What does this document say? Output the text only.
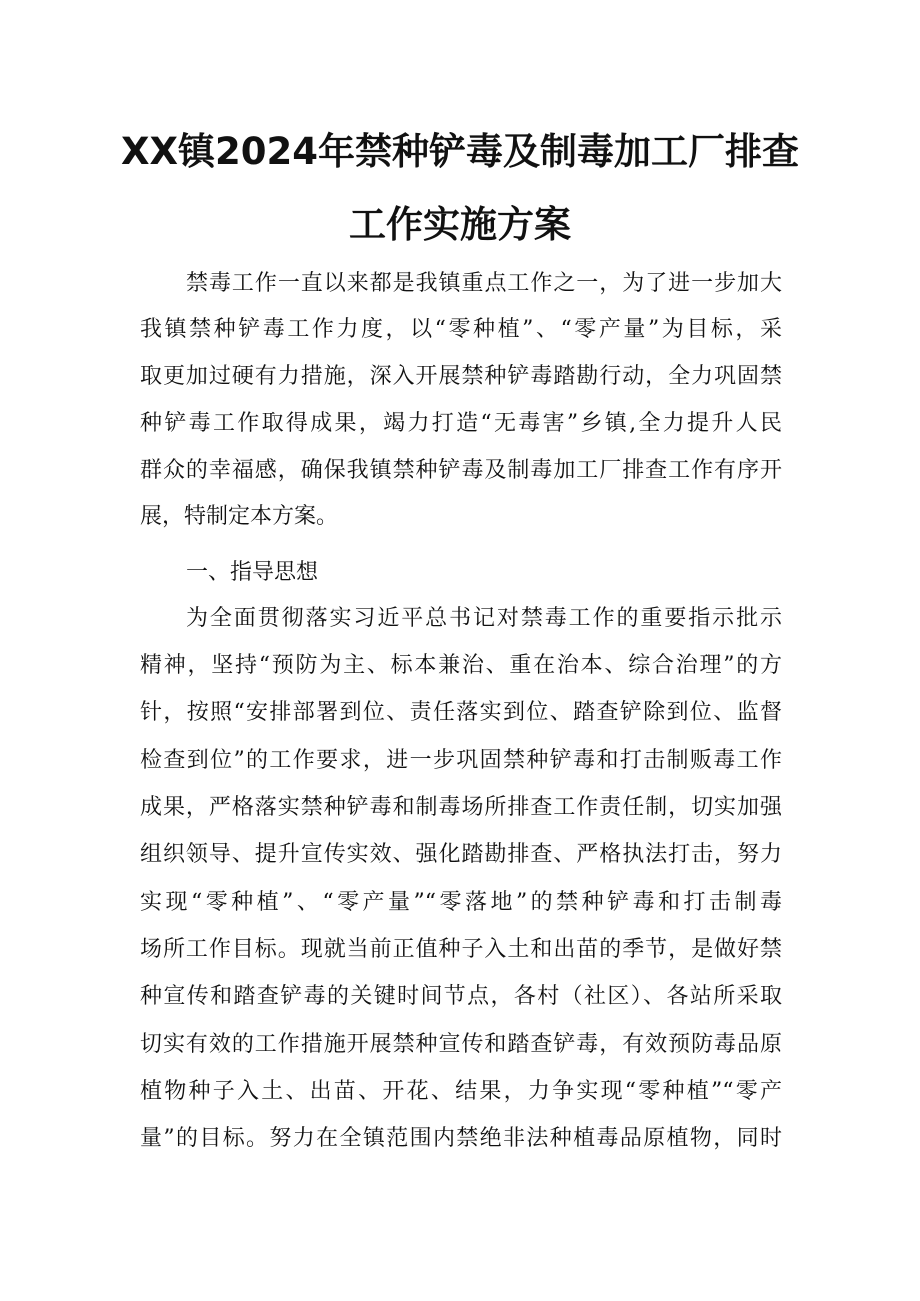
XX镇2024年禁种铲毒及制毒加工厂排查
工作实施方案
禁毒工作一直以来都是我镇重点工作之一，为了进一步加大
我镇禁种铲毒工作力度，以“零种植”、“零产量”为目标，采
取更加过硬有力措施，深入开展禁种铲毒踏勘行动，全力巩固禁
种铲毒工作取得成果，竭力打造“无毒害”乡镇,全力提升人民
群众的幸福感，确保我镇禁种铲毒及制毒加工厂排查工作有序开
展，特制定本方案。
一、指导思想
为全面贯彻落实习近平总书记对禁毒工作的重要指示批示
精神，坚持“预防为主、标本兼治、重在治本、综合治理”的方
针，按照“安排部署到位、责任落实到位、踏查铲除到位、监督
检查到位”的工作要求，进一步巩固禁种铲毒和打击制贩毒工作
成果，严格落实禁种铲毒和制毒场所排查工作责任制，切实加强
组织领导、提升宣传实效、强化踏勘排查、严格执法打击，努力
实现“零种植”、“零产量”“零落地”的禁种铲毒和打击制毒
场所工作目标。现就当前正值种子入土和出苗的季节，是做好禁
种宣传和踏查铲毒的关键时间节点，各村（社区）、各站所采取
切实有效的工作措施开展禁种宣传和踏查铲毒，有效预防毒品原
植物种子入土、出苗、开花、结果，力争实现“零种植”“零产
量”的目标。努力在全镇范围内禁绝非法种植毒品原植物，同时
